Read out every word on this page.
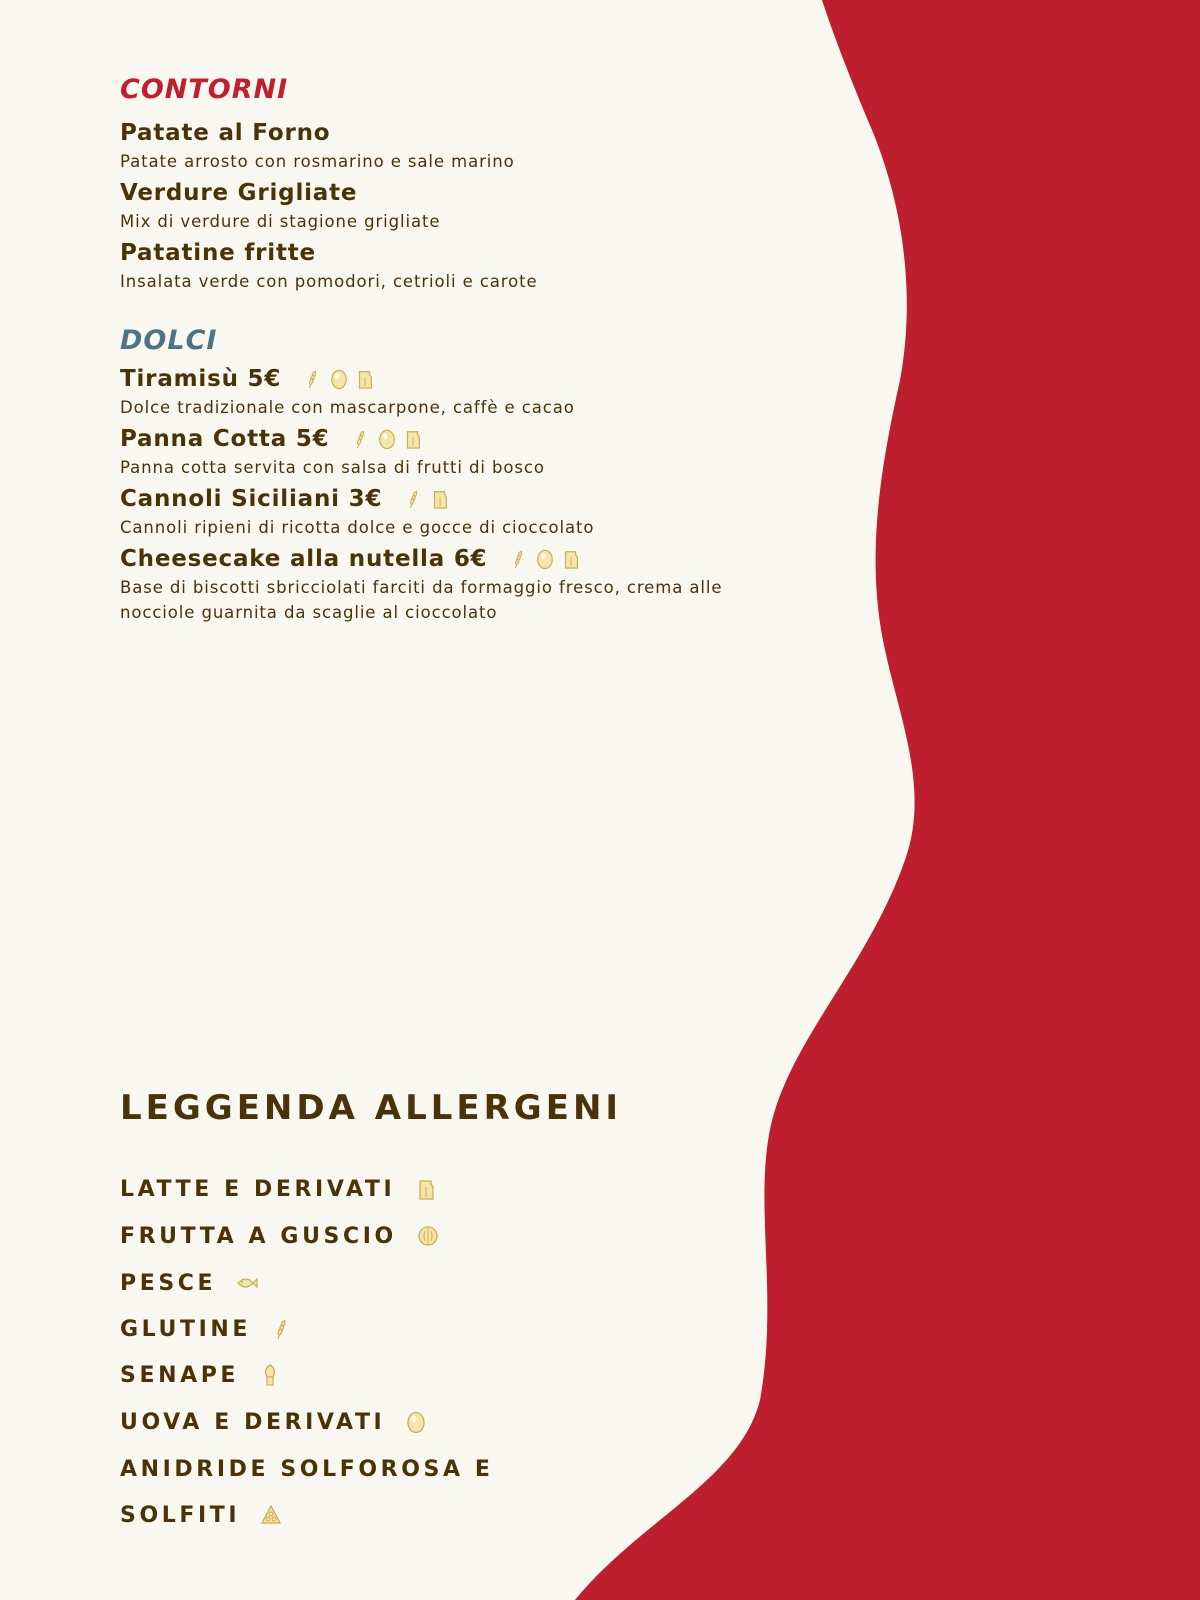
CONTORNI
Patate al Forno
Patate arrosto con rosmarino e sale marino
Verdure Grigliate
Mix di verdure di stagione grigliate
Patatine fritte
Insalata verde con pomodori, cetrioli e carote
DOLCI
Tiramisù 5€
Dolce tradizionale con mascarpone, caffè e cacao
Panna Cotta 5€
Panna cotta servita con salsa di frutti di bosco
Cannoli Siciliani 3€
Cannoli ripieni di ricotta dolce e gocce di cioccolato
Cheesecake alla nutella 6€
Base di biscotti sbricciolati farciti da formaggio fresco, crema alle nocciole guarnita da scaglie al cioccolato
LEGGENDA ALLERGENI
LATTE E DERIVATI
FRUTTA A GUSCIO
PESCE
GLUTINE
SENAPE
UOVA E DERIVATI
ANIDRIDE SOLFOROSA E
SOLFITI
